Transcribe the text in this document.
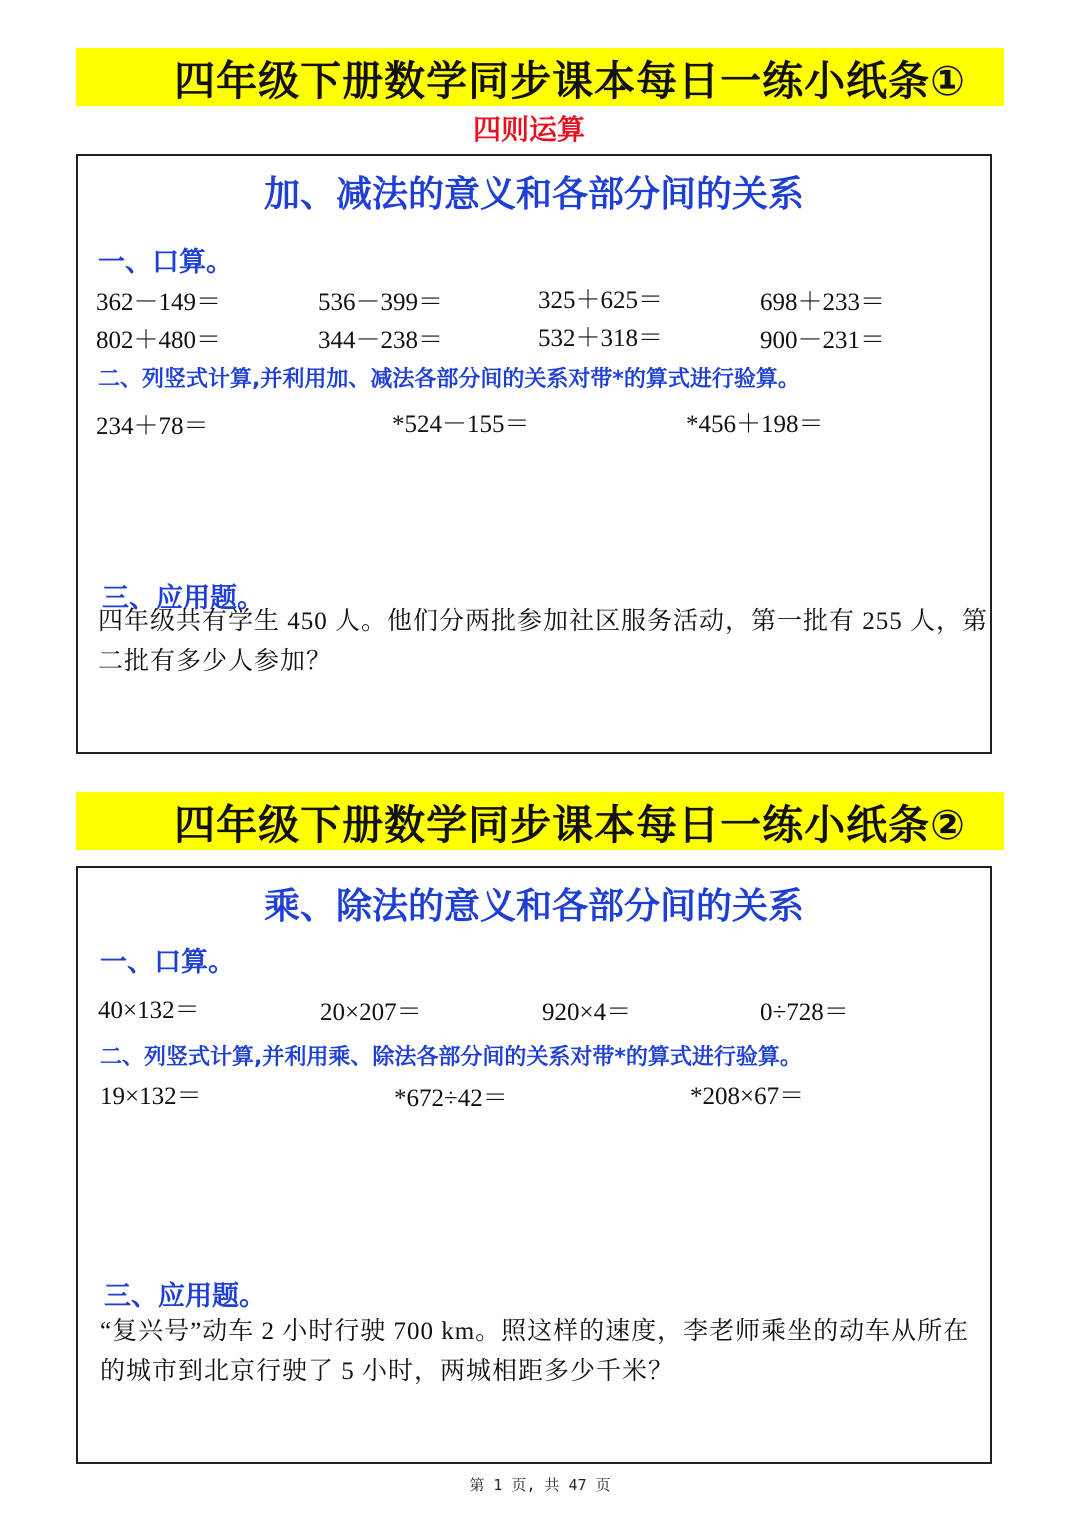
四年级下册数学同步课本每日一练小纸条①
四则运算
加、减法的意义和各部分间的关系
一、口算。
362－149＝	536－399＝	325＋625＝	698＋233＝
802＋480＝	344－238＝	532＋318＝	900－231＝
二、列竖式计算,并利用加、减法各部分间的关系对带*的算式进行验算。
234＋78＝	*524－155＝	*456＋198＝
三、应用题。
四年级共有学生 450 人。他们分两批参加社区服务活动，第一批有 255 人，第二批有多少人参加？
四年级下册数学同步课本每日一练小纸条②
乘、除法的意义和各部分间的关系
一、口算。
40×132＝	20×207＝	920×4＝	0÷728＝
二、列竖式计算,并利用乘、除法各部分间的关系对带*的算式进行验算。
19×132＝	*672÷42＝	*208×67＝
三、应用题。
“复兴号”动车 2 小时行驶 700 km。照这样的速度，李老师乘坐的动车从所在的城市到北京行驶了 5 小时，两城相距多少千米？
第 1 页, 共 47 页
